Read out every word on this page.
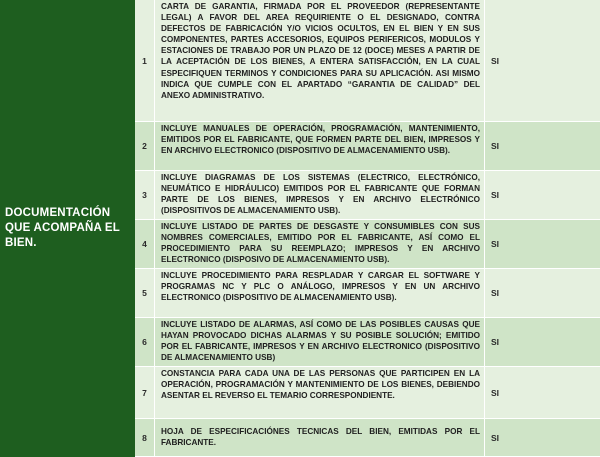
DOCUMENTACIÓN QUE ACOMPAÑA EL BIEN.
1
CARTA DE GARANTIA, FIRMADA POR EL PROVEEDOR (REPRESENTANTE LEGAL) A FAVOR DEL AREA REQUIRIENTE O EL DESIGNADO, CONTRA DEFECTOS DE FABRICACIÓN Y/O VICIOS OCULTOS, EN EL BIEN Y EN SUS COMPONENTES, PARTES ACCESORIOS, EQUIPOS PERIFERICOS, MODULOS Y ESTACIONES DE TRABAJO POR UN PLAZO DE 12 (DOCE) MESES A PARTIR DE LA ACEPTACIÓN DE LOS BIENES, A ENTERA SATISFACCIÓN, EN LA CUAL ESPECIFIQUEN TERMINOS Y CONDICIONES PARA SU APLICACIÓN. ASI MISMO INDICA QUE CUMPLE CON EL APARTADO “GARANTIA DE CALIDAD” DEL ANEXO ADMINISTRATIVO.
SI
2
INCLUYE MANUALES DE OPERACIÓN, PROGRAMACIÓN, MANTENIMIENTO, EMITIDOS POR EL FABRICANTE, QUE FORMEN PARTE DEL BIEN, IMPRESOS Y EN ARCHIVO ELECTRONICO (DISPOSITIVO DE ALMACENAMIENTO USB).	SI
3
INCLUYE DIAGRAMAS DE LOS SISTEMAS (ELECTRICO, ELECTRÓNICO, NEUMÁTICO E HIDRÁULICO) EMITIDOS POR EL FABRICANTE QUE FORMAN PARTE DE LOS BIENES, IMPRESOS Y EN ARCHIVO ELECTRÓNICO (DISPOSITIVOS DE ALMACENAMIENTO USB).
SI
4
INCLUYE LISTADO DE PARTES DE DESGASTE Y CONSUMIBLES CON SUS NOMBRES COMERCIALES, EMITIDO POR EL FABRICANTE, ASÍ COMO EL PROCEDIMIENTO PARA SU REEMPLAZO; IMPRESOS Y EN ARCHIVO ELECTRONICO (DISPOSIVO DE ALMACENAMIENTO USB).
SI
5
INCLUYE PROCEDIMIENTO PARA RESPLADAR Y CARGAR EL SOFTWARE Y PROGRAMAS NC Y PLC O ANÁLOGO, IMPRESOS Y EN UN ARCHIVO ELECTRONICO (DISPOSITIVO DE ALMACENAMIENTO USB).	SI
6
INCLUYE LISTADO DE ALARMAS, ASÍ COMO DE LAS POSIBLES CAUSAS QUE HAYAN PROVOCADO DICHAS ALARMAS Y SU POSIBLE SOLUCIÓN; EMITIDO POR EL FABRICANTE, IMPRESOS Y EN ARCHIVO ELECTRONICO (DISPOSITIVO DE ALMACENAMIENTO USB)
SI
7
CONSTANCIA PARA CADA UNA DE LAS PERSONAS QUE PARTICIPEN EN LA OPERACIÓN, PROGRAMACIÓN Y MANTENIMIENTO DE LOS BIENES, DEBIENDO ASENTAR EL REVERSO EL TEMARIO CORRESPONDIENTE.	SI
8
HOJA DE ESPECIFICACIÓNES TECNICAS DEL BIEN, EMITIDAS POR EL FABRICANTE.
SI
